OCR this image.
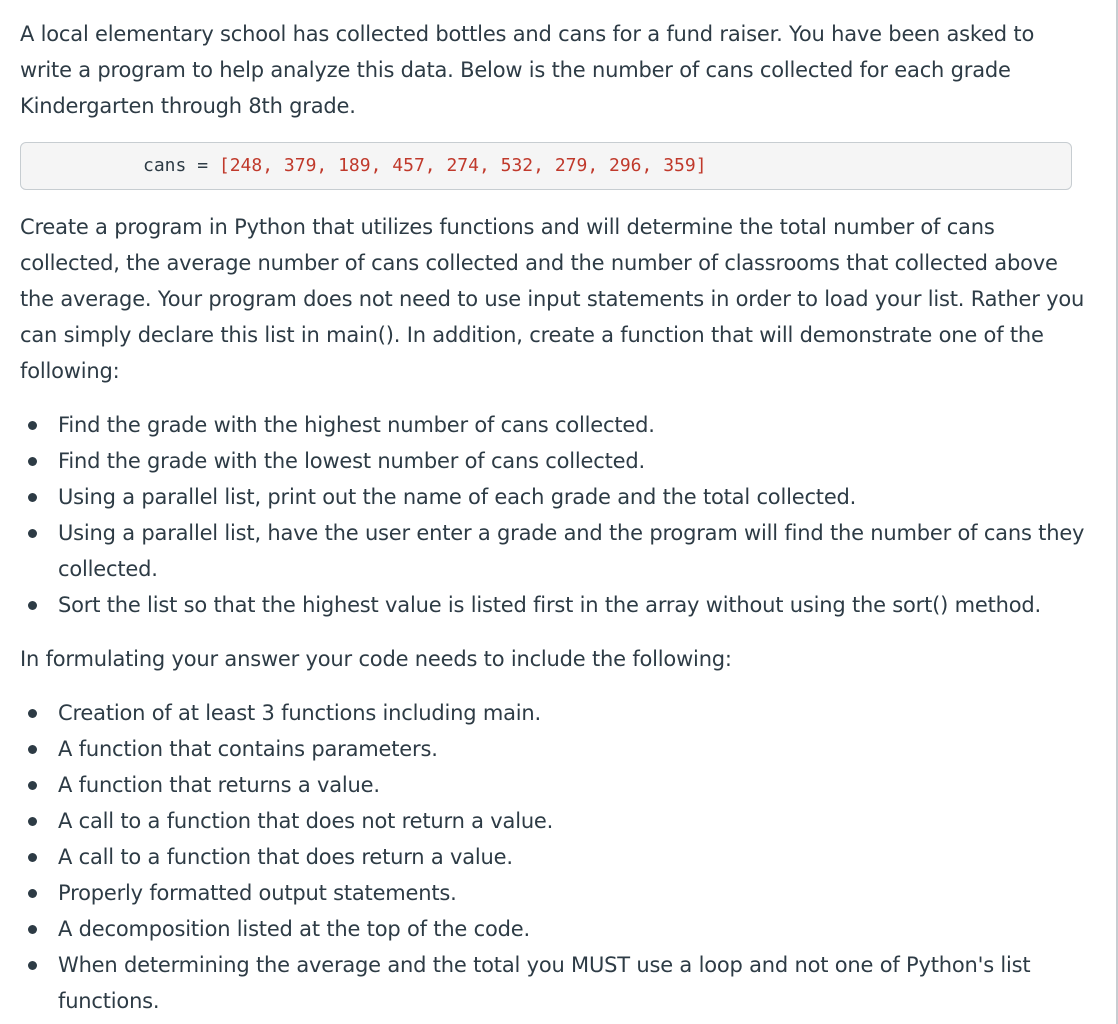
A local elementary school has collected bottles and cans for a fund raiser. You have been asked to write a program to help analyze this data. Below is the number of cans collected for each grade Kindergarten through 8th grade.

cans = [248, 379, 189, 457, 274, 532, 279, 296, 359]

Create a program in Python that utilizes functions and will determine the total number of cans collected, the average number of cans collected and the number of classrooms that collected above the average. Your program does not need to use input statements in order to load your list. Rather you can simply declare this list in main(). In addition, create a function that will demonstrate one of the following:

Find the grade with the highest number of cans collected.
Find the grade with the lowest number of cans collected.
Using a parallel list, print out the name of each grade and the total collected.
Using a parallel list, have the user enter a grade and the program will find the number of cans they collected.
Sort the list so that the highest value is listed first in the array without using the sort() method.

In formulating your answer your code needs to include the following:

Creation of at least 3 functions including main.
A function that contains parameters.
A function that returns a value.
A call to a function that does not return a value.
A call to a function that does return a value.
Properly formatted output statements.
A decomposition listed at the top of the code.
When determining the average and the total you MUST use a loop and not one of Python's list functions.
